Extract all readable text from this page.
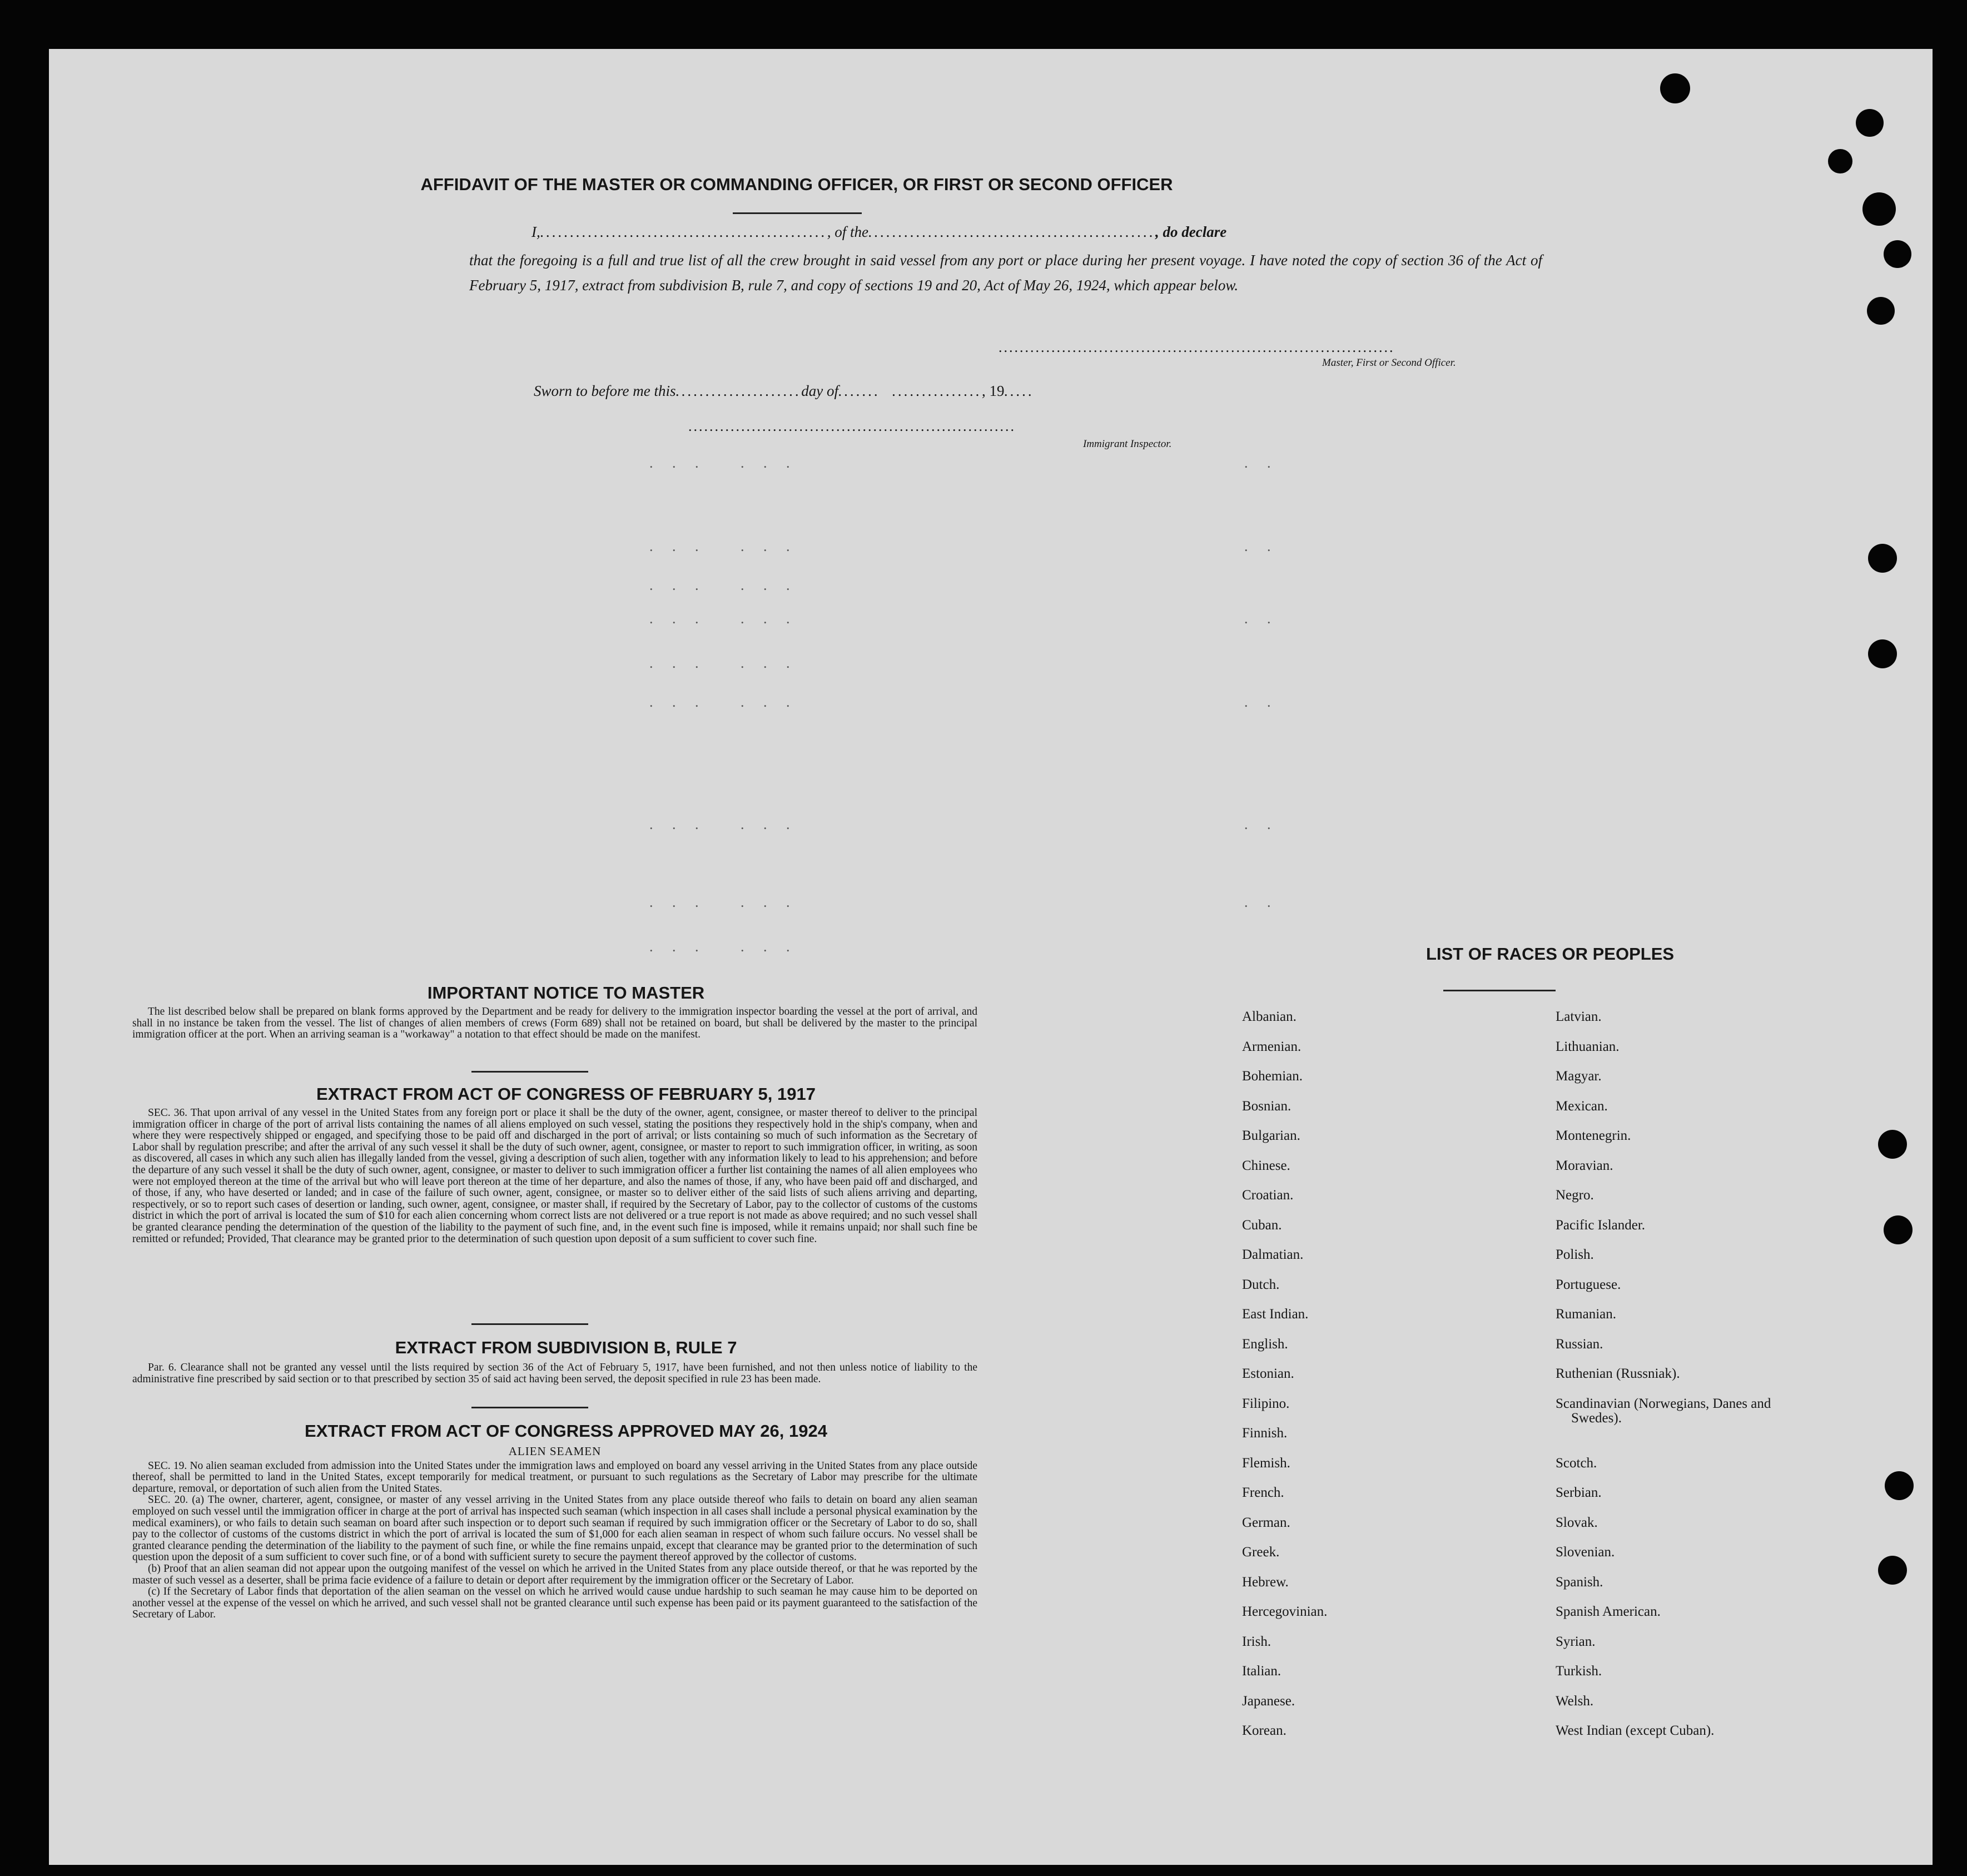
AFFIDAVIT OF THE MASTER OR COMMANDING OFFICER, OR FIRST OR SECOND OFFICER
I,................................................, of the................................................, do declare
that the foregoing is a full and true list of all the crew brought in said vessel from any port or place during her present voyage. I have noted the copy of section 36 of the Act of February 5, 1917, extract from subdivision B, rule 7, and copy of sections 19 and 20, Act of May 26, 1924, which appear below.
...........................................................................
Master, First or Second Officer.
Sworn to before me this.....................day of.......  ..............., 19.....
..............................................................
Immigrant Inspector.
. . .   . . .
. . .   . . .
. . .   . . .
. . .   . . .
. . .   . . .
. . .   . . .
. . .   . . .
. . .   . . .
. . .   . . .
. .
. .
. .
. .
. .
. .
IMPORTANT NOTICE TO MASTER

The list described below shall be prepared on blank forms approved by the Department and be ready for delivery to the immigration inspector boarding the vessel at the port of arrival, and shall in no instance be taken from the vessel. The list of changes of alien members of crews (Form 689) shall not be retained on board, but shall be delivered by the master to the principal immigration officer at the port. When an arriving seaman is a "workaway" a notation to that effect should be made on the manifest.

EXTRACT FROM ACT OF CONGRESS OF FEBRUARY 5, 1917

SEC. 36. That upon arrival of any vessel in the United States from any foreign port or place it shall be the duty of the owner, agent, consignee, or master thereof to deliver to the principal immigration officer in charge of the port of arrival lists containing the names of all aliens employed on such vessel, stating the positions they respectively hold in the ship's company, when and where they were respectively shipped or engaged, and specifying those to be paid off and discharged in the port of arrival; or lists containing so much of such information as the Secretary of Labor shall by regulation prescribe; and after the arrival of any such vessel it shall be the duty of such owner, agent, consignee, or master to report to such immigration officer, in writing, as soon as discovered, all cases in which any such alien has illegally landed from the vessel, giving a description of such alien, together with any information likely to lead to his apprehension; and before the departure of any such vessel it shall be the duty of such owner, agent, consignee, or master to deliver to such immigration officer a further list containing the names of all alien employees who were not employed thereon at the time of the arrival but who will leave port thereon at the time of her departure, and also the names of those, if any, who have been paid off and discharged, and of those, if any, who have deserted or landed; and in case of the failure of such owner, agent, consignee, or master so to deliver either of the said lists of such aliens arriving and departing, respectively, or so to report such cases of desertion or landing, such owner, agent, consignee, or master shall, if required by the Secretary of Labor, pay to the collector of customs of the customs district in which the port of arrival is located the sum of $10 for each alien concerning whom correct lists are not delivered or a true report is not made as above required; and no such vessel shall be granted clearance pending the determination of the question of the liability to the payment of such fine, and, in the event such fine is imposed, while it remains unpaid; nor shall such fine be remitted or refunded; Provided, That clearance may be granted prior to the determination of such question upon deposit of a sum sufficient to cover such fine.

EXTRACT FROM SUBDIVISION B, RULE 7

Par. 6. Clearance shall not be granted any vessel until the lists required by section 36 of the Act of February 5, 1917, have been furnished, and not then unless notice of liability to the administrative fine prescribed by said section or to that prescribed by section 35 of said act having been served, the deposit specified in rule 23 has been made.

EXTRACT FROM ACT OF CONGRESS APPROVED MAY 26, 1924

ALIEN SEAMEN

SEC. 19. No alien seaman excluded from admission into the United States under the immigration laws and employed on board any vessel arriving in the United States from any place outside thereof, shall be permitted to land in the United States, except temporarily for medical treatment, or pursuant to such regulations as the Secretary of Labor may prescribe for the ultimate departure, removal, or deportation of such alien from the United States.

SEC. 20. (a) The owner, charterer, agent, consignee, or master of any vessel arriving in the United States from any place outside thereof who fails to detain on board any alien seaman employed on such vessel until the immigration officer in charge at the port of arrival has inspected such seaman (which inspection in all cases shall include a personal physical examination by the medical examiners), or who fails to detain such seaman on board after such inspection or to deport such seaman if required by such immigration officer or the Secretary of Labor to do so, shall pay to the collector of customs of the customs district in which the port of arrival is located the sum of $1,000 for each alien seaman in respect of whom such failure occurs. No vessel shall be granted clearance pending the determination of the liability to the payment of such fine, or while the fine remains unpaid, except that clearance may be granted prior to the determination of such question upon the deposit of a sum sufficient to cover such fine, or of a bond with sufficient surety to secure the payment thereof approved by the collector of customs.

(b) Proof that an alien seaman did not appear upon the outgoing manifest of the vessel on which he arrived in the United States from any place outside thereof, or that he was reported by the master of such vessel as a deserter, shall be prima facie evidence of a failure to detain or deport after requirement by the immigration officer or the Secretary of Labor.

(c) If the Secretary of Labor finds that deportation of the alien seaman on the vessel on which he arrived would cause undue hardship to such seaman he may cause him to be deported on another vessel at the expense of the vessel on which he arrived, and such vessel shall not be granted clearance until such expense has been paid or its payment guaranteed to the satisfaction of the Secretary of Labor.

LIST OF RACES OR PEOPLES
Albanian.
Armenian.
Bohemian.
Bosnian.
Bulgarian.
Chinese.
Croatian.
Cuban.
Dalmatian.
Dutch.
East Indian.
English.
Estonian.
Filipino.
Finnish.
Flemish.
French.
German.
Greek.
Hebrew.
Hercegovinian.
Irish.
Italian.
Japanese.
Korean.
Latvian.
Lithuanian.
Magyar.
Mexican.
Montenegrin.
Moravian.
Negro.
Pacific Islander.
Polish.
Portuguese.
Rumanian.
Russian.
Ruthenian (Russniak).
Scandinavian (Norwegians, Danes and Swedes).
Scotch.
Serbian.
Slovak.
Slovenian.
Spanish.
Spanish American.
Syrian.
Turkish.
Welsh.
West Indian (except Cuban).
